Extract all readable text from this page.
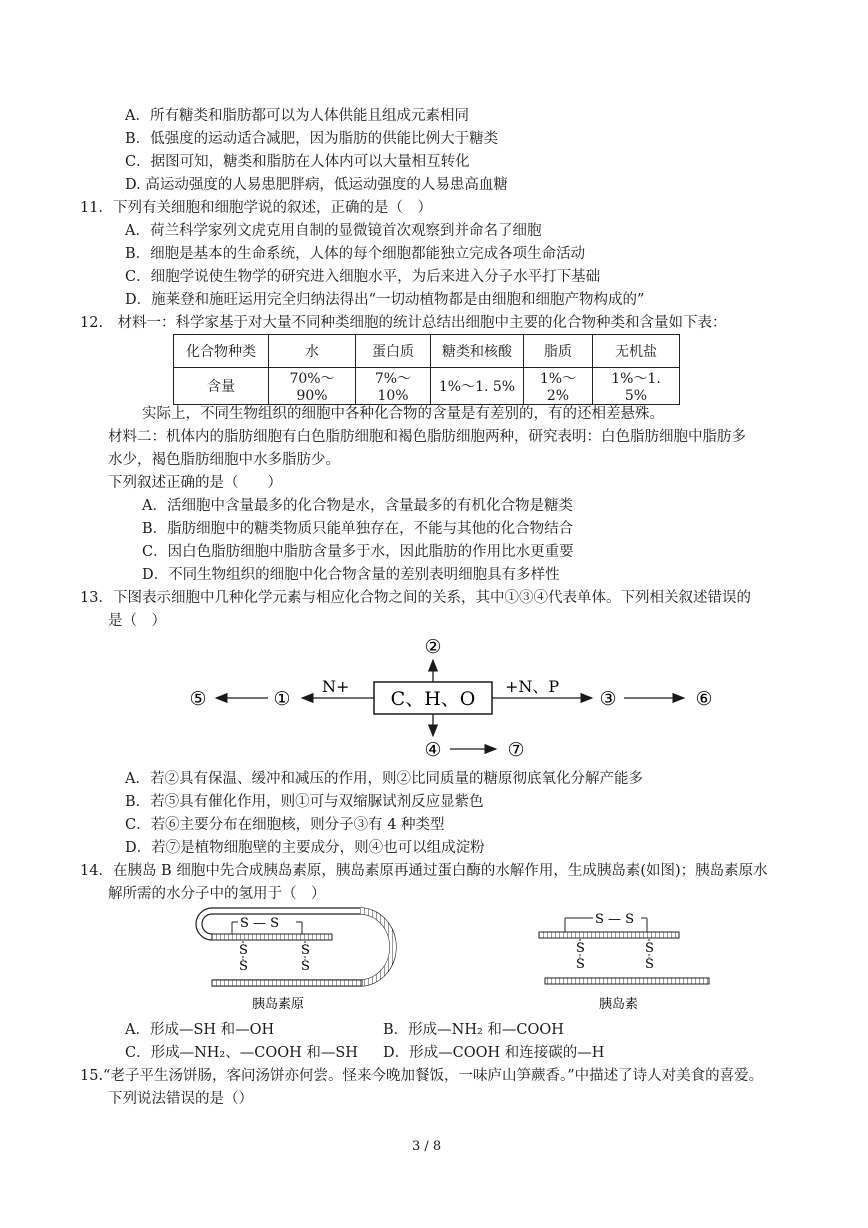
A．所有糖类和脂肪都可以为人体供能且组成元素相同
B．低强度的运动适合减肥，因为脂肪的供能比例大于糖类
C．据图可知，糖类和脂肪在人体内可以大量相互转化
D. 高运动强度的人易患肥胖病，低运动强度的人易患高血糖
11．下列有关细胞和细胞学说的叙述，正确的是（　）
A．荷兰科学家列文虎克用自制的显微镜首次观察到并命名了细胞
B．细胞是基本的生命系统，人体的每个细胞都能独立完成各项生命活动
C．细胞学说使生物学的研究进入细胞水平，为后来进入分子水平打下基础
D．施莱登和施旺运用完全归纳法得出“一切动植物都是由细胞和细胞产物构成的”
12.　材料一：科学家基于对大量不同种类细胞的统计总结出细胞中主要的化合物种类和含量如下表：
化合物种类	水	蛋白质	糖类和核酸	脂质	无机盐
含量	70%～90%	7%～10%	1%～1. 5%	1%～2%	1%～1. 5%
实际上，不同生物组织的细胞中各种化合物的含量是有差别的，有的还相差悬殊。
材料二：机体内的脂肪细胞有白色脂肪细胞和褐色脂肪细胞两种，研究表明：白色脂肪细胞中脂肪多
水少，褐色脂肪细胞中水多脂肪少。
下列叙述正确的是（　　）
A．活细胞中含量最多的化合物是水，含量最多的有机化合物是糖类
B．脂肪细胞中的糖类物质只能单独存在，不能与其他的化合物结合
C．因白色脂肪细胞中脂肪含量多于水，因此脂肪的作用比水更重要
D．不同生物组织的细胞中化合物含量的差别表明细胞具有多样性
13．下图表示细胞中几种化学元素与相应化合物之间的关系，其中①③④代表单体。下列相关叙述错误的
是（　）
C、H、O
②
N+
①
⑤
+N、P
③	⑥
④	⑦
A．若②具有保温、缓冲和减压的作用，则②比同质量的糖原彻底氧化分解产能多
B．若⑤具有催化作用，则①可与双缩脲试剂反应显紫色
C．若⑥主要分布在细胞核，则分子③有 4 种类型
D．若⑦是植物细胞壁的主要成分，则④也可以组成淀粉
14．在胰岛 B 细胞中先合成胰岛素原，胰岛素原再通过蛋白酶的水解作用，生成胰岛素(如图)；胰岛素原水
解所需的水分子中的氢用于（　）
S — S
S
S
S
S
胰岛素原
S — S
S
S
S
S
胰岛素
A．形成—SH 和—OH	B．形成—NH₂ 和—COOH
C．形成—NH₂、—COOH 和—SH D．形成—COOH 和连接碳的—H
15.“老子平生汤饼肠，客问汤饼亦何尝。怪来今晚加餐饭，一味庐山笋蕨香。”中描述了诗人对美食的喜爱。
下列说法错误的是（）
3 / 8
